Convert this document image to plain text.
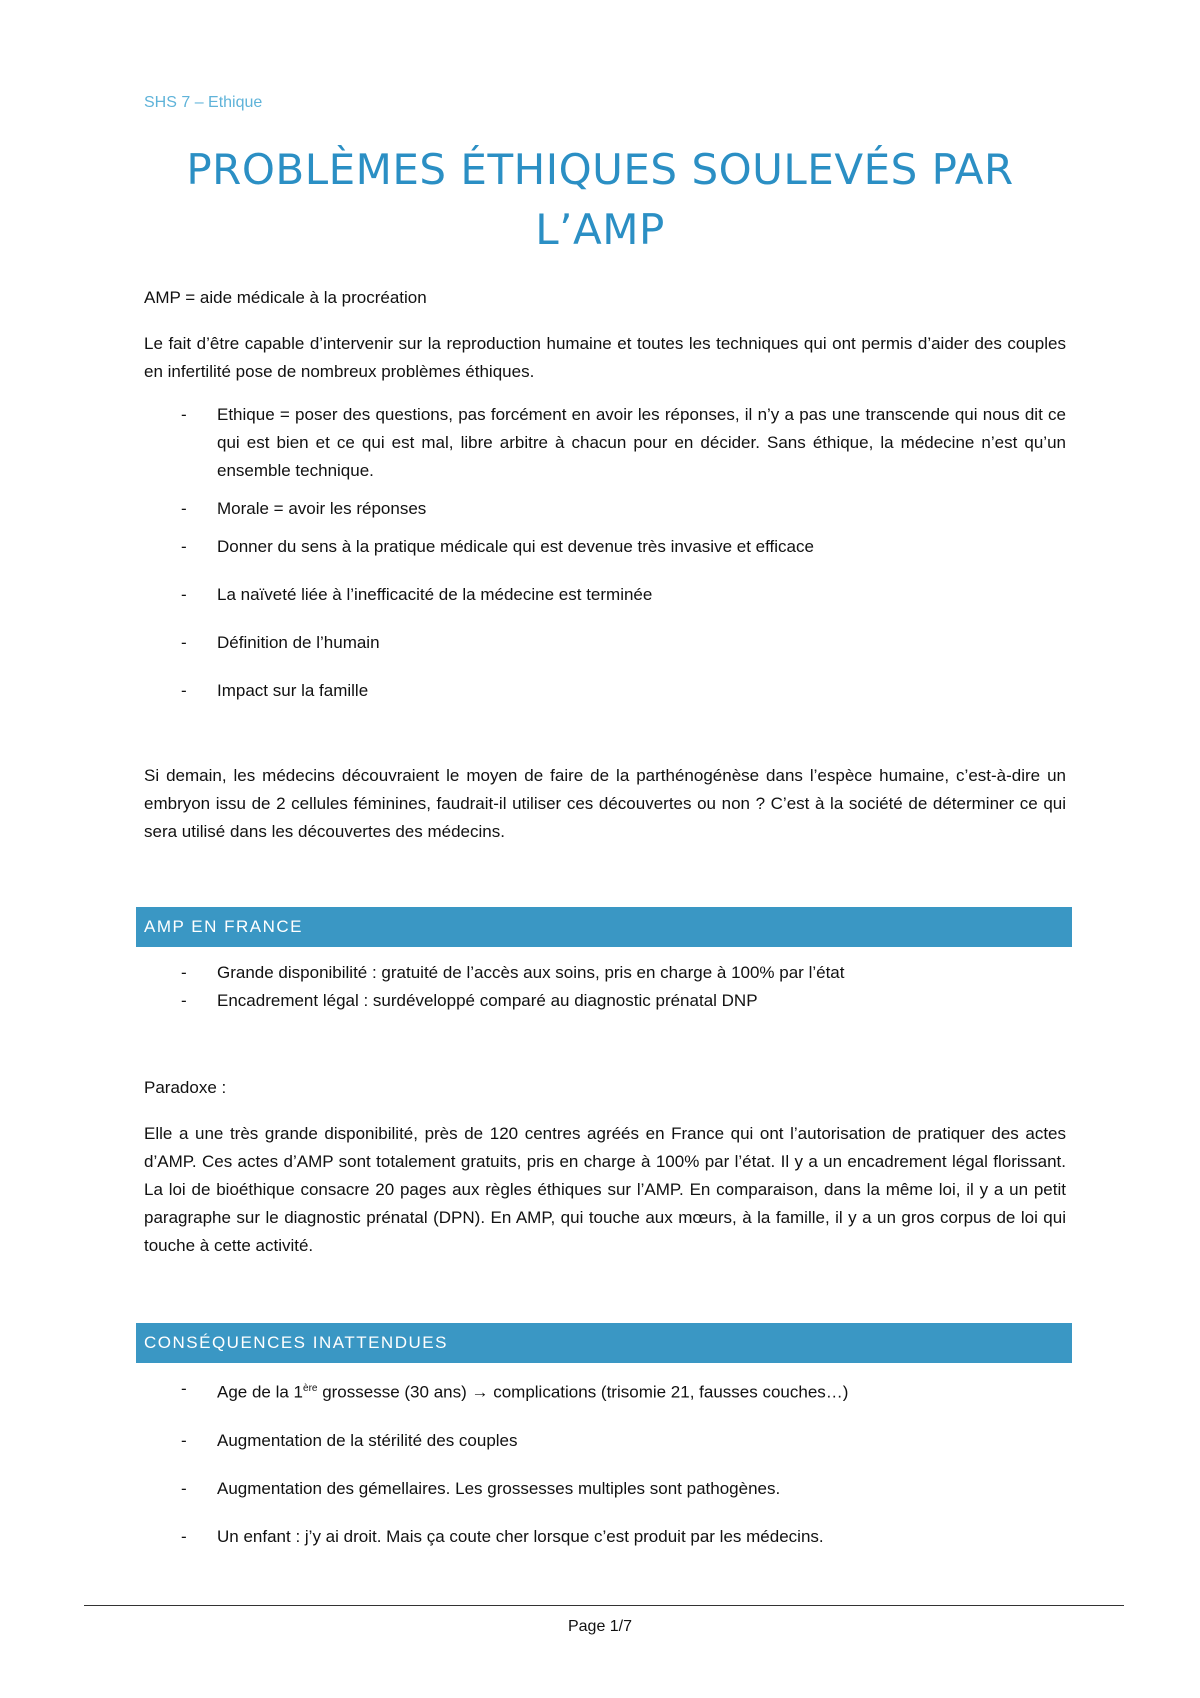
SHS 7 – Ethique
PROBLÈMES ÉTHIQUES SOULEVÉS PAR
L’AMP
AMP = aide médicale à la procréation
Le fait d’être capable d’intervenir sur la reproduction humaine et toutes les techniques qui ont permis d’aider des couples en infertilité pose de nombreux problèmes éthiques.
- Ethique = poser des questions, pas forcément en avoir les réponses, il n’y a pas une transcende qui nous dit ce qui est bien et ce qui est mal, libre arbitre à chacun pour en décider. Sans éthique, la médecine n’est qu’un ensemble technique.
- Morale = avoir les réponses
- Donner du sens à la pratique médicale qui est devenue très invasive et efficace
- La naïveté liée à l’inefficacité de la médecine est terminée
- Définition de l’humain
- Impact sur la famille
Si demain, les médecins découvraient le moyen de faire de la parthénogénèse dans l’espèce humaine, c’est-à-dire un embryon issu de 2 cellules féminines, faudrait-il utiliser ces découvertes ou non ? C’est à la société de déterminer ce qui sera utilisé dans les découvertes des médecins.
AMP EN FRANCE
- Grande disponibilité : gratuité de l’accès aux soins, pris en charge à 100% par l’état
- Encadrement légal : surdéveloppé comparé au diagnostic prénatal DNP
Paradoxe :
Elle a une très grande disponibilité, près de 120 centres agréés en France qui ont l’autorisation de pratiquer des actes d’AMP. Ces actes d’AMP sont totalement gratuits, pris en charge à 100% par l’état. Il y a un encadrement légal florissant. La loi de bioéthique consacre 20 pages aux règles éthiques sur l’AMP. En comparaison, dans la même loi, il y a un petit paragraphe sur le diagnostic prénatal (DPN). En AMP, qui touche aux mœurs, à la famille, il y a un gros corpus de loi qui touche à cette activité.
CONSÉQUENCES INATTENDUES
- Age de la 1ère grossesse (30 ans) → complications (trisomie 21, fausses couches…)
- Augmentation de la stérilité des couples
- Augmentation des gémellaires. Les grossesses multiples sont pathogènes.
- Un enfant : j’y ai droit. Mais ça coute cher lorsque c’est produit par les médecins.
Page 1/7
